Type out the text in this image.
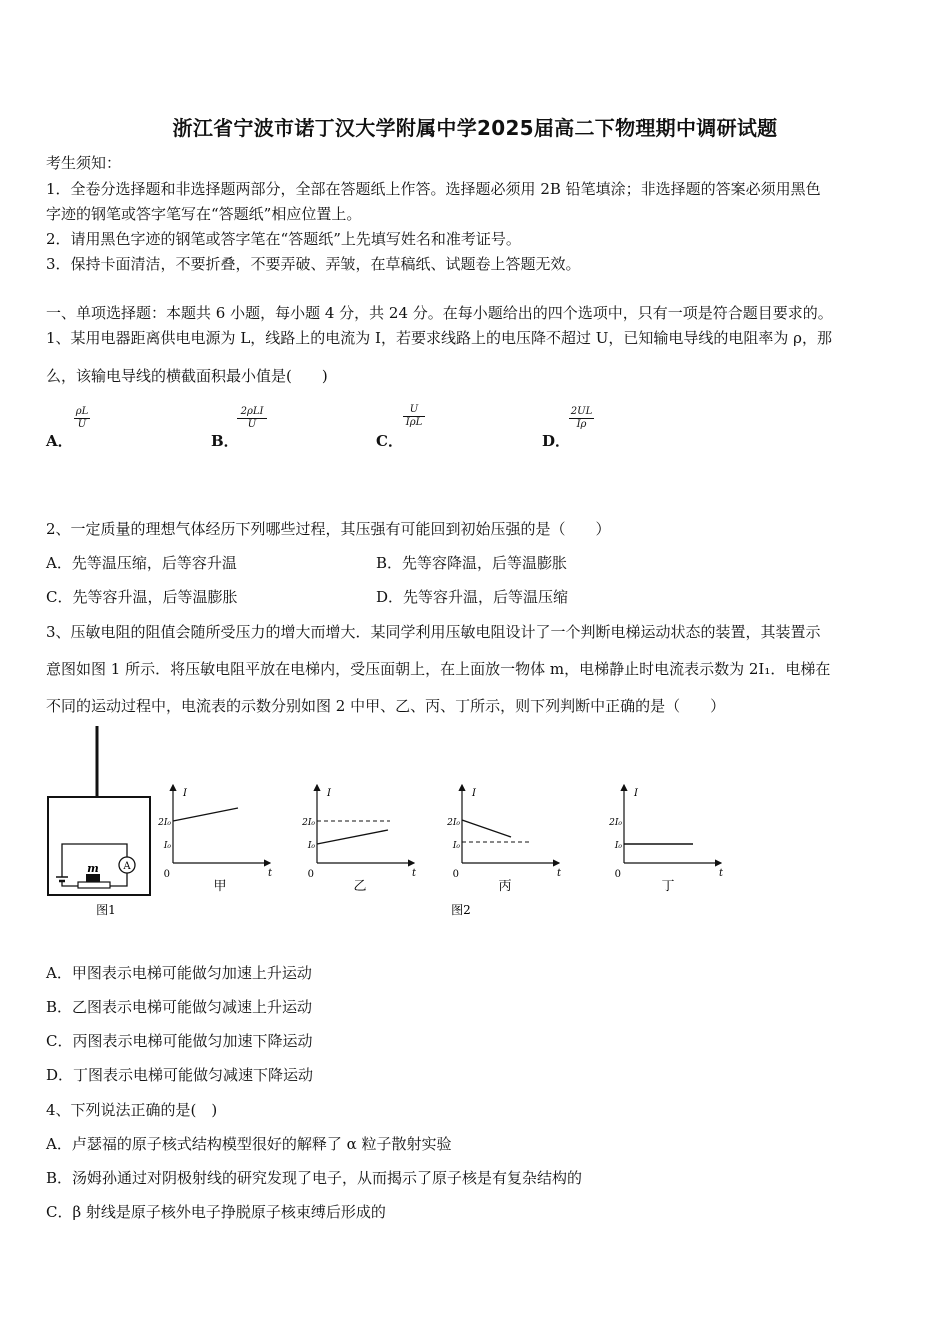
浙江省宁波市诺丁汉大学附属中学2025届高二下物理期中调研试题
考生须知：
1．全卷分选择题和非选择题两部分，全部在答题纸上作答。选择题必须用 2B 铅笔填涂；非选择题的答案必须用黑色
字迹的钢笔或答字笔写在“答题纸”相应位置上。
2．请用黑色字迹的钢笔或答字笔在“答题纸”上先填写姓名和准考证号。
3．保持卡面清洁，不要折叠，不要弄破、弄皱，在草稿纸、试题卷上答题无效。
一、单项选择题：本题共 6 小题，每小题 4 分，共 24 分。在每小题给出的四个选项中，只有一项是符合题目要求的。
1、某用电器距离供电电源为 L，线路上的电流为 I，若要求线路上的电压降不超过 U，已知输电导线的电阻率为 ρ，那
么，该输电导线的横截面积最小值是(　　)
A．
$\frac{\rho L}{U}$
B．
2ρLI
U
C．
U
IρL
D．
$\frac{2UL}{I\rho}$
2、一定质量的理想气体经历下列哪些过程，其压强有可能回到初始压强的是（　　）
A．先等温压缩，后等容升温	B．先等容降温，后等温膨胀
C．先等容升温，后等温膨胀	D．先等容升温，后等温压缩
3、压敏电阻的阻值会随所受压力的增大而增大．某同学利用压敏电阻设计了一个判断电梯运动状态的装置，其装置示
意图如图 1 所示．将压敏电阻平放在电梯内，受压面朝上，在上面放一物体 m，电梯静止时电流表示数为 2I₁．电梯在
不同的运动过程中，电流表的示数分别如图 2 中甲、乙、丙、丁所示，则下列判断中正确的是（　　）
A
m
图1
I
t
0
2I₀
I₀
甲
I
t
0
2I₀
I₀
乙
I
t
0
2I₀
I₀
丙
I
t
0
2I₀
I₀
丁
图2
A．甲图表示电梯可能做匀加速上升运动
B．乙图表示电梯可能做匀减速上升运动
C．丙图表示电梯可能做匀加速下降运动
D．丁图表示电梯可能做匀减速下降运动
4、下列说法正确的是(　)
A．卢瑟福的原子核式结构模型很好的解释了 α 粒子散射实验
B．汤姆孙通过对阴极射线的研究发现了电子，从而揭示了原子核是有复杂结构的
C．β 射线是原子核外电子挣脱原子核束缚后形成的
